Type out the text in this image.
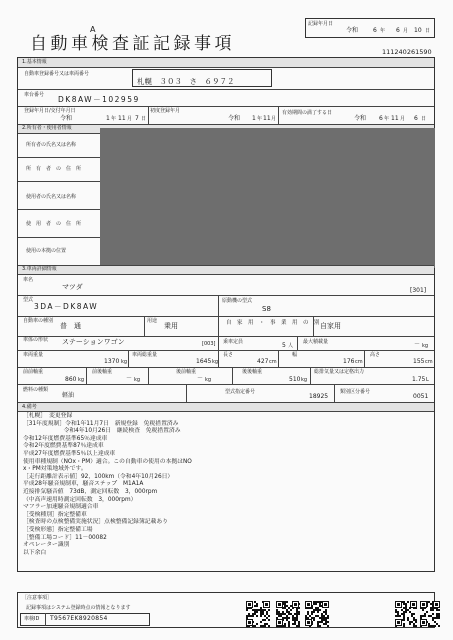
A
自動車検査証記録事項
記録年月日
令和 6 年 6 月 10 日
111240261590
1.基本情報
自動車登録番号又は車両番号
札幌　３０３　さ　６９７２
車台番号 DK8AW－102959
登録年月日/交付年月日
令和	1 年 11 月 7 日
初度登録年月
令和 1 年 11 月
有効期間の満了する日
令和 6 年 11 月 6 日
2.所有者・使用者情報
所有者の氏名又は名称
所　有　者　の　住　所
使用者の氏名又は名称
使　用　者　の　住　所
使用の本拠の位置
3.車両詳細情報
車名
マツダ	[301]
型式
3DA－DK8AW
原動機の型式
S8
自動車の種別
普　通
用途
乗用	自　家　用　・　事　業　用　の　別 自家用
車体の形状 ステーションワゴン	[003] 乗車定員	5 人
最大積載量	－ kg
車両重量
1370 kg
車両総重量
1645 kg
長さ
427 cm
幅
176 cm
高さ
155 cm
前前軸重
860 kg
前後軸重
－ kg
後前軸重
－ kg
後後軸重
510 kg
総排気量又は定格出力
1.75 L
燃料の種類
軽油	型式指定番号
18925
類別区分番号
0051
4.備考
［札幌］　変更登録
［31年度規制］令和1年11月7日　新規登録　免税措置済み
　　　　　　　令和4年10月26日　継続検査　免税措置済み
令和12年度燃費基準65％達成車
令和2年度燃費基準87％達成車
平成27年度燃費基準5％以上達成車
使用車種規制（NOx・PM）適合。この自動車の使用の本拠はNO
x・PM対策地域外です。
［走行距離計表示値］92，100km（令和4年10月26日）
平成28年騒音規制車，騒音ステップ　M1A1A
近接排気騒音値　73dB，測定回転数　3，000rpm
（中高声速用時測定回転数　3，000rpm）
マフラー加速騒音規制適合車
［受検種別］指定整備車
［検査時の点検整備実施状況］点検整備記録簿記載あり
［受検形態］指定整備工場
［整備工場コード］11－00082
オペレーター識別
以下余白
［注意事項］
記録事項はシステム登録時点の情報となります
車検ID T9567EK8920854
